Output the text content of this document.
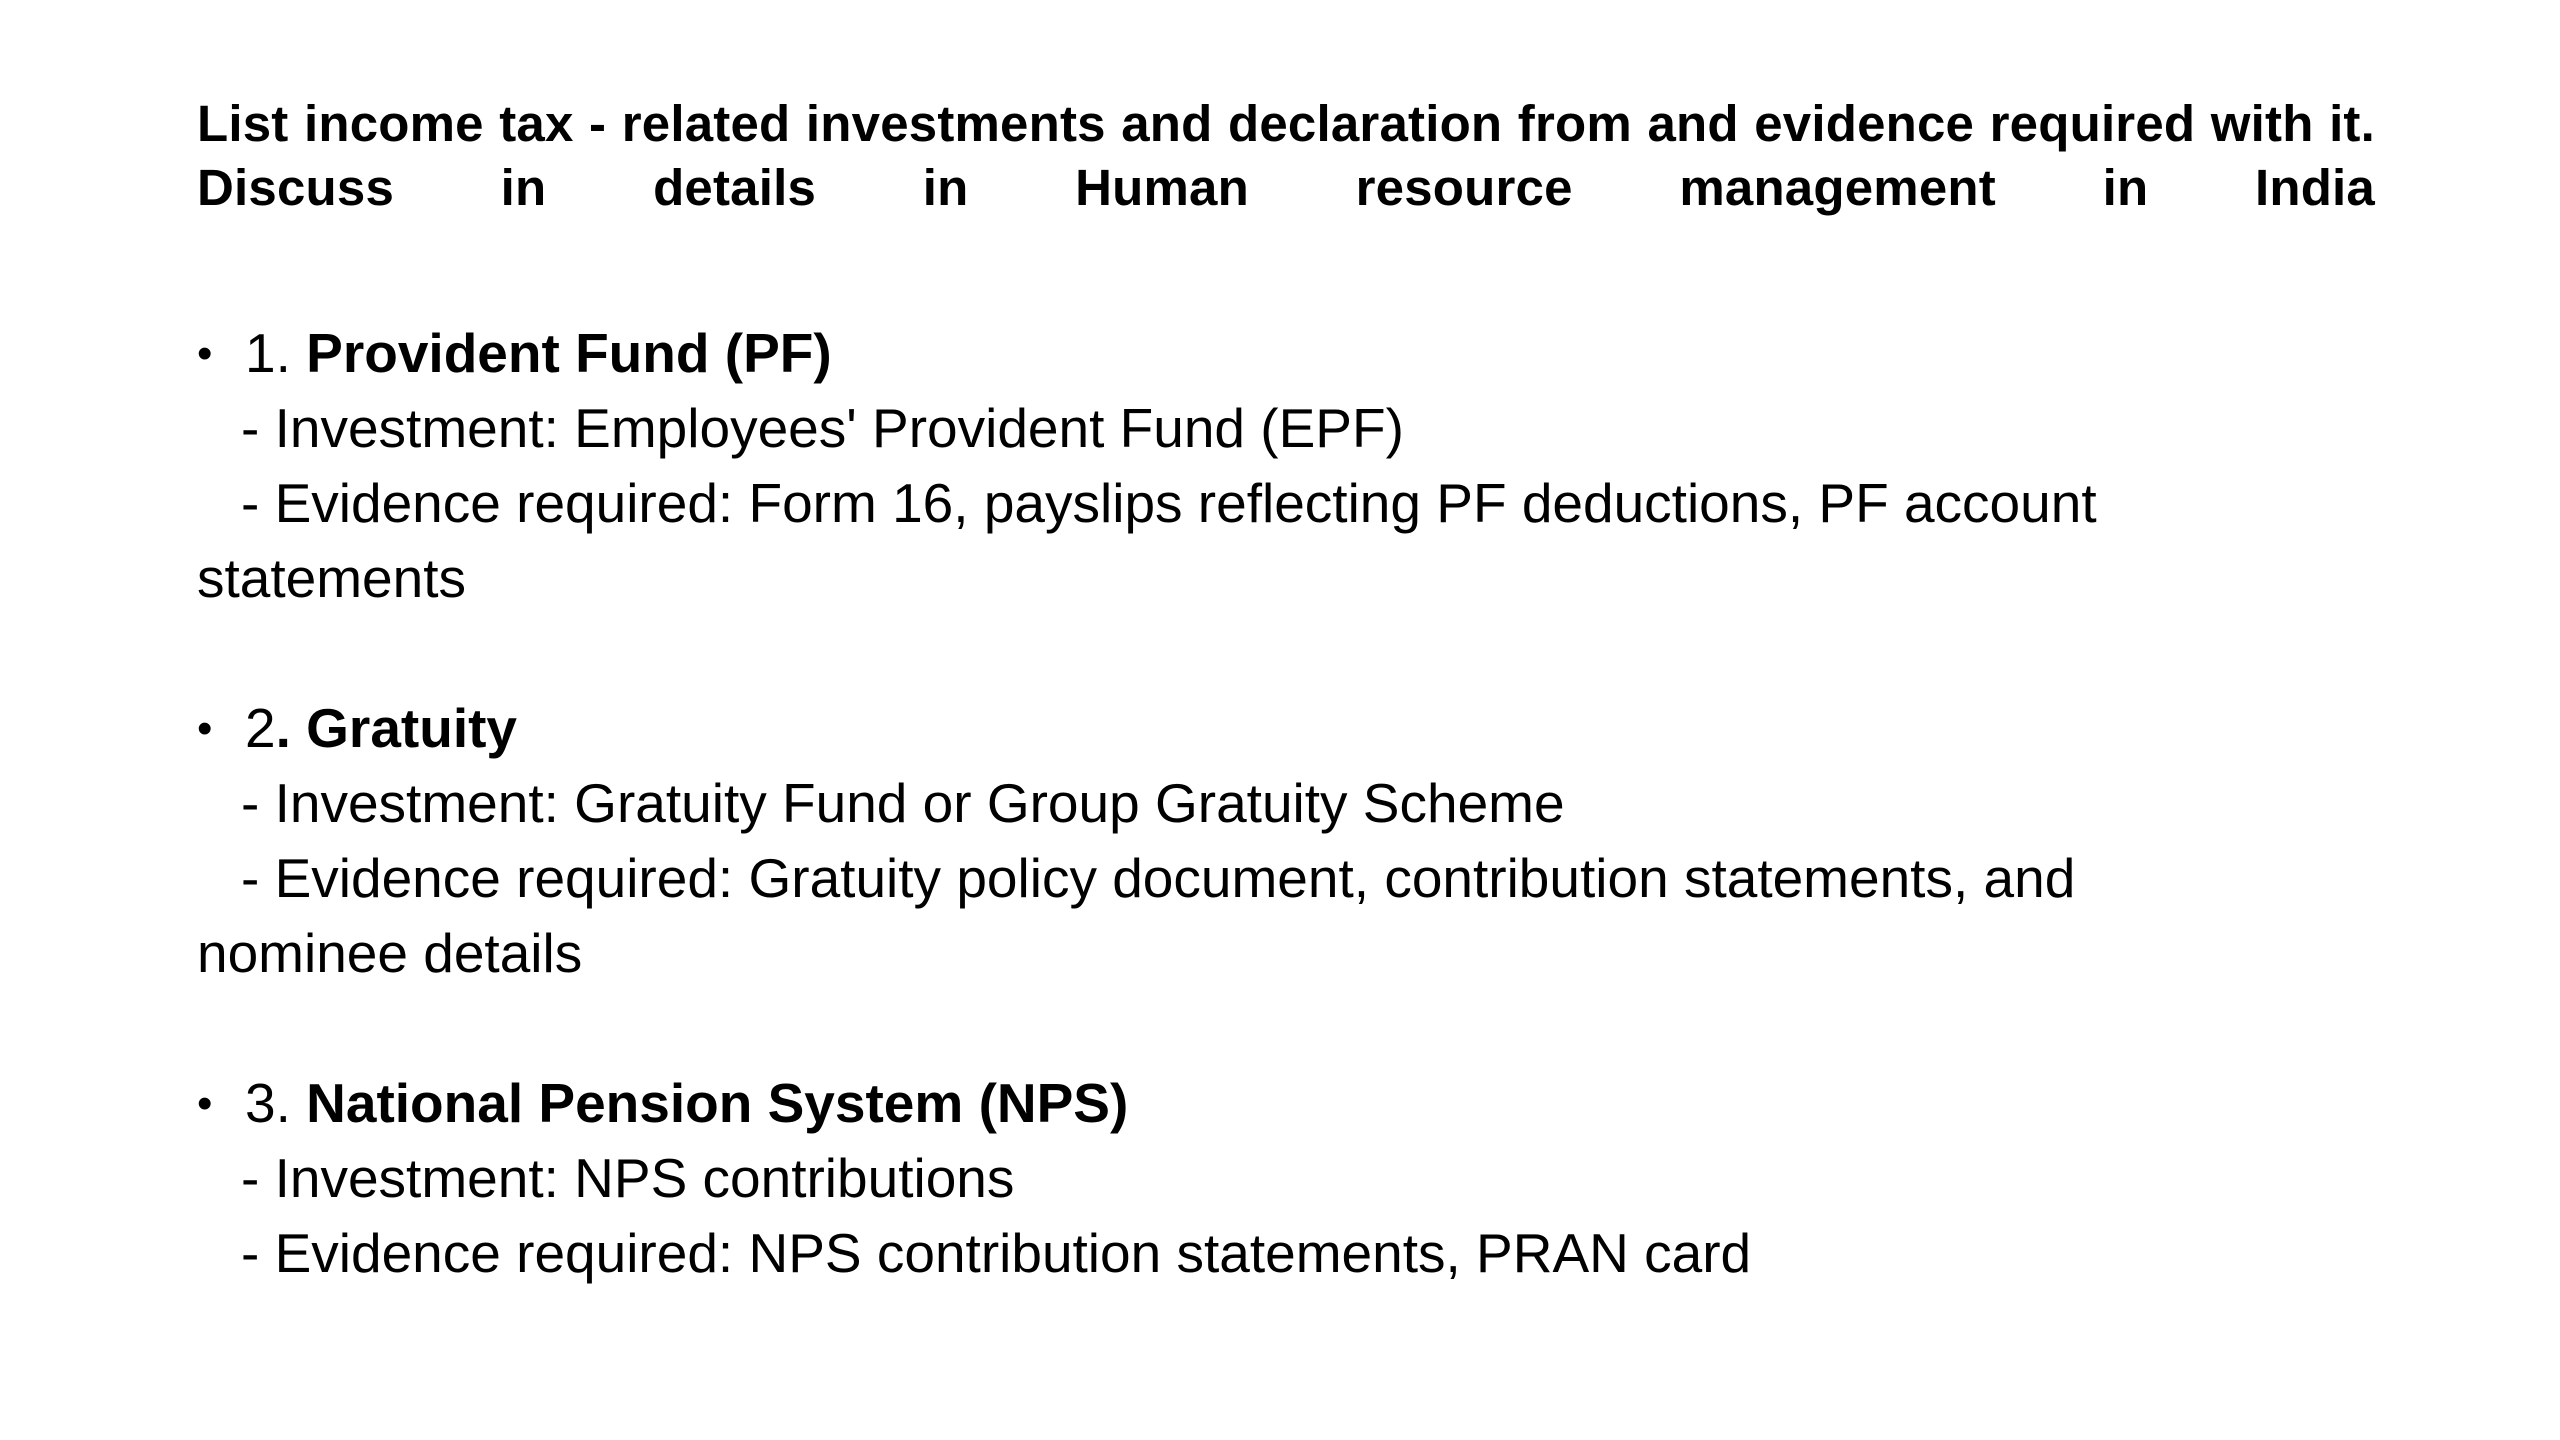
List income tax - related investments and declaration from and evidence required with it. Discuss in details in Human resource management in India

• 1. Provident Fund (PF)
- Investment: Employees' Provident Fund (EPF)
- Evidence required: Form 16, payslips reflecting PF deductions, PF account
statements
• 2. Gratuity
- Investment: Gratuity Fund or Group Gratuity Scheme
- Evidence required: Gratuity policy document, contribution statements, and
nominee details
• 3. National Pension System (NPS)
- Investment: NPS contributions
- Evidence required: NPS contribution statements, PRAN card
